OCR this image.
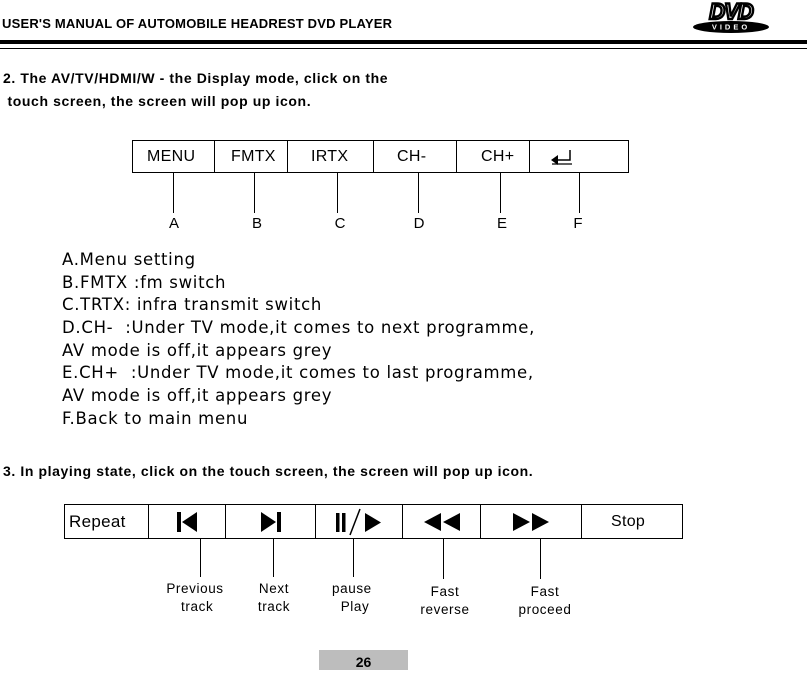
USER'S MANUAL OF AUTOMOBILE HEADREST DVD PLAYER	VIDEO
DVD
2. The AV/TV/HDMI/W - the Display mode, click on the
touch screen, the screen will pop up icon.
MENU	FMTX	IRTX	CH-	CH+
A	B	C	D	E	F
A.Menu setting
B.FMTX :fm switch
C.TRTX: infra transmit switch
D.CH-  :Under TV mode,it comes to next programme,
AV mode is off,it appears grey
E.CH+  :Under TV mode,it comes to last programme,
AV mode is off,it appears grey
F.Back to main menu
3. In playing state, click on the touch screen, the screen will pop up icon.
Repeat	Stop
Previous
track
Next
track
pause
Play
Fast
reverse
Fast
proceed
26
